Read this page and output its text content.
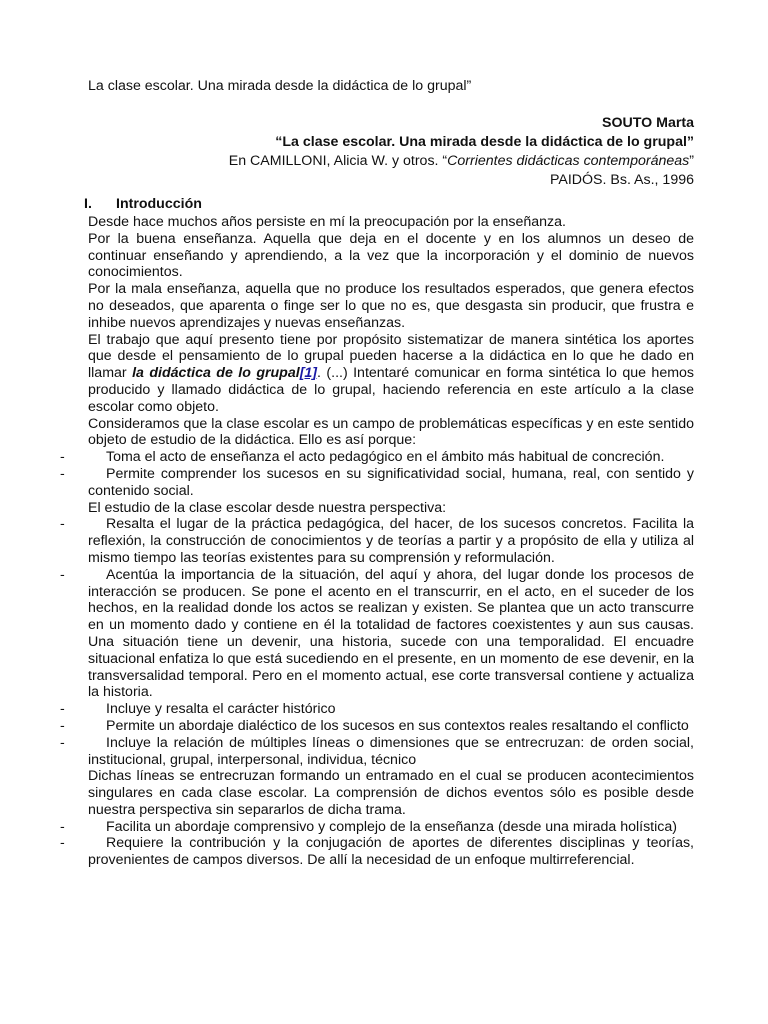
La clase escolar. Una mirada desde la didáctica de lo grupal”
SOUTO Marta
“La clase escolar. Una mirada desde la didáctica de lo grupal”
En CAMILLONI, Alicia W. y otros. “Corrientes didácticas contemporáneas”
PAIDÓS. Bs. As., 1996
I. Introducción

Desde hace muchos años persiste en mí la preocupación por la enseñanza.

Por la buena enseñanza. Aquella que deja en el docente y en los alumnos un deseo de continuar enseñando y aprendiendo, a la vez que la incorporación y el dominio de nuevos conocimientos.

Por la mala enseñanza, aquella que no produce los resultados esperados, que genera efectos no deseados, que aparenta o finge ser lo que no es, que desgasta sin producir, que frustra e inhibe nuevos aprendizajes y nuevas enseñanzas.

El trabajo que aquí presento tiene por propósito sistematizar de manera sintética los aportes que desde el pensamiento de lo grupal pueden hacerse a la didáctica en lo que he dado en llamar la didáctica de lo grupal[1]. (...) Intentaré comunicar en forma sintética lo que hemos producido y llamado didáctica de lo grupal, haciendo referencia en este artículo a la clase escolar como objeto.

Consideramos que la clase escolar es un campo de problemáticas específicas y en este sentido objeto de estudio de la didáctica. Ello es así porque:

-	Toma el acto de enseñanza el acto pedagógico en el ámbito más habitual de concreción.

-	Permite comprender los sucesos en su significatividad social, humana, real, con sentido y contenido social.

El estudio de la clase escolar desde nuestra perspectiva:

-	Resalta el lugar de la práctica pedagógica, del hacer, de los sucesos concretos. Facilita la reflexión, la construcción de conocimientos y de teorías a partir y a propósito de ella y utiliza al mismo tiempo las teorías existentes para su comprensión y reformulación.

-	Acentúa la importancia de la situación, del aquí y ahora, del lugar donde los procesos de interacción se producen. Se pone el acento en el transcurrir, en el acto, en el suceder de los hechos, en la realidad donde los actos se realizan y existen. Se plantea que un acto transcurre en un momento dado y contiene en él la totalidad de factores coexistentes y aun sus causas. Una situación tiene un devenir, una historia, sucede con una temporalidad. El encuadre situacional enfatiza lo que está sucediendo en el presente, en un momento de ese devenir, en la transversalidad temporal. Pero en el momento actual, ese corte transversal contiene y actualiza la historia.

-	Incluye y resalta el carácter histórico

-	Permite un abordaje dialéctico de los sucesos en sus contextos reales resaltando el conflicto

-	Incluye la relación de múltiples líneas o dimensiones que se entrecruzan: de orden social, institucional, grupal, interpersonal, individua, técnico

Dichas líneas se entrecruzan formando un entramado en el cual se producen acontecimientos singulares en cada clase escolar. La comprensión de dichos eventos sólo es posible desde nuestra perspectiva sin separarlos de dicha trama.

-	Facilita un abordaje comprensivo y complejo de la enseñanza (desde una mirada holística)

-	Requiere la contribución y la conjugación de aportes de diferentes disciplinas y teorías, provenientes de campos diversos. De allí la necesidad de un enfoque multirreferencial.
